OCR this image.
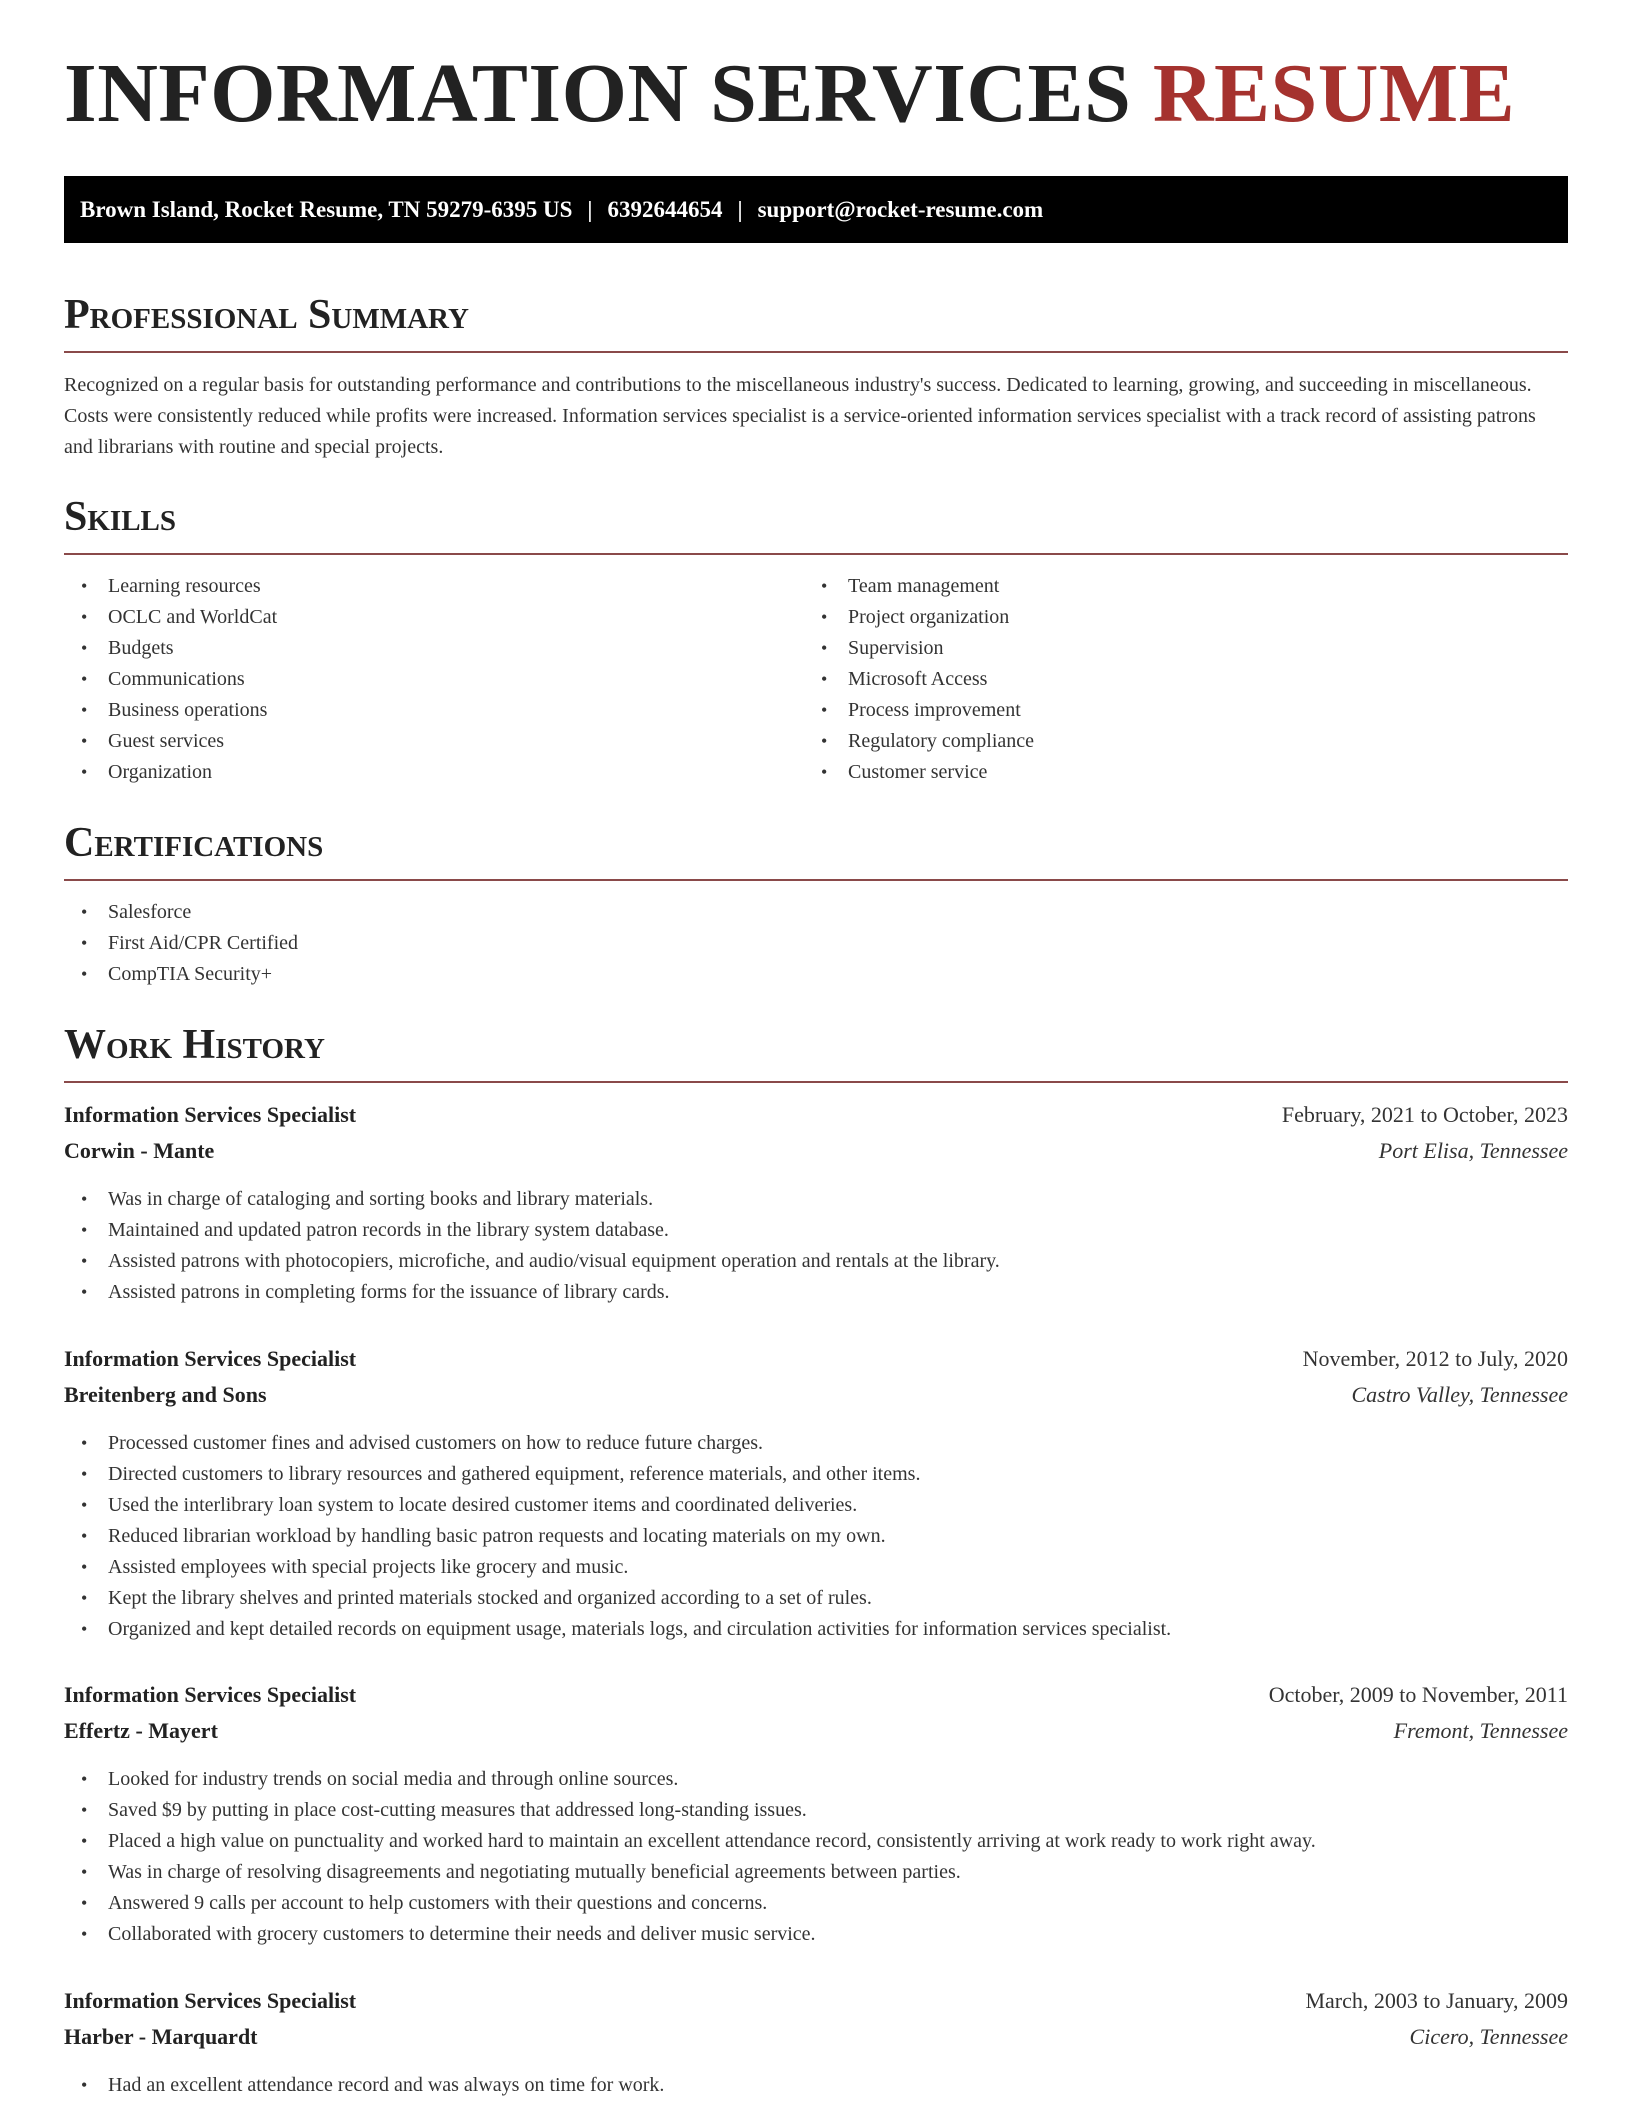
INFORMATION SERVICES RESUME
Brown Island, Rocket Resume, TN 59279-6395 US | 6392644654 | support@rocket-resume.com
Professional Summary

Recognized on a regular basis for outstanding performance and contributions to the miscellaneous industry's success. Dedicated to learning, growing, and succeeding in miscellaneous. Costs were consistently reduced while profits were increased. Information services specialist is a service-oriented information services specialist with a track record of assisting patrons and librarians with routine and special projects.

Skills
• Learning resources
• OCLC and WorldCat
• Budgets
• Communications
• Business operations
• Guest services
• Organization
• Team management
• Project organization
• Supervision
• Microsoft Access
• Process improvement
• Regulatory compliance
• Customer service
Certifications
• Salesforce
• First Aid/CPR Certified
• CompTIA Security+
Work History
Information Services Specialist	February, 2021 to October, 2023
Corwin - Mante	Port Elisa, Tennessee
• Was in charge of cataloging and sorting books and library materials.
• Maintained and updated patron records in the library system database.
• Assisted patrons with photocopiers, microfiche, and audio/visual equipment operation and rentals at the library.
• Assisted patrons in completing forms for the issuance of library cards.
Information Services Specialist	November, 2012 to July, 2020
Breitenberg and Sons	Castro Valley, Tennessee
• Processed customer fines and advised customers on how to reduce future charges.
• Directed customers to library resources and gathered equipment, reference materials, and other items.
• Used the interlibrary loan system to locate desired customer items and coordinated deliveries.
• Reduced librarian workload by handling basic patron requests and locating materials on my own.
• Assisted employees with special projects like grocery and music.
• Kept the library shelves and printed materials stocked and organized according to a set of rules.
• Organized and kept detailed records on equipment usage, materials logs, and circulation activities for information services specialist.
Information Services Specialist	October, 2009 to November, 2011
Effertz - Mayert	Fremont, Tennessee
• Looked for industry trends on social media and through online sources.
• Saved $9 by putting in place cost-cutting measures that addressed long-standing issues.
• Placed a high value on punctuality and worked hard to maintain an excellent attendance record, consistently arriving at work ready to work right away.
• Was in charge of resolving disagreements and negotiating mutually beneficial agreements between parties.
• Answered 9 calls per account to help customers with their questions and concerns.
• Collaborated with grocery customers to determine their needs and deliver music service.
Information Services Specialist	March, 2003 to January, 2009
Harber - Marquardt	Cicero, Tennessee
• Had an excellent attendance record and was always on time for work.
